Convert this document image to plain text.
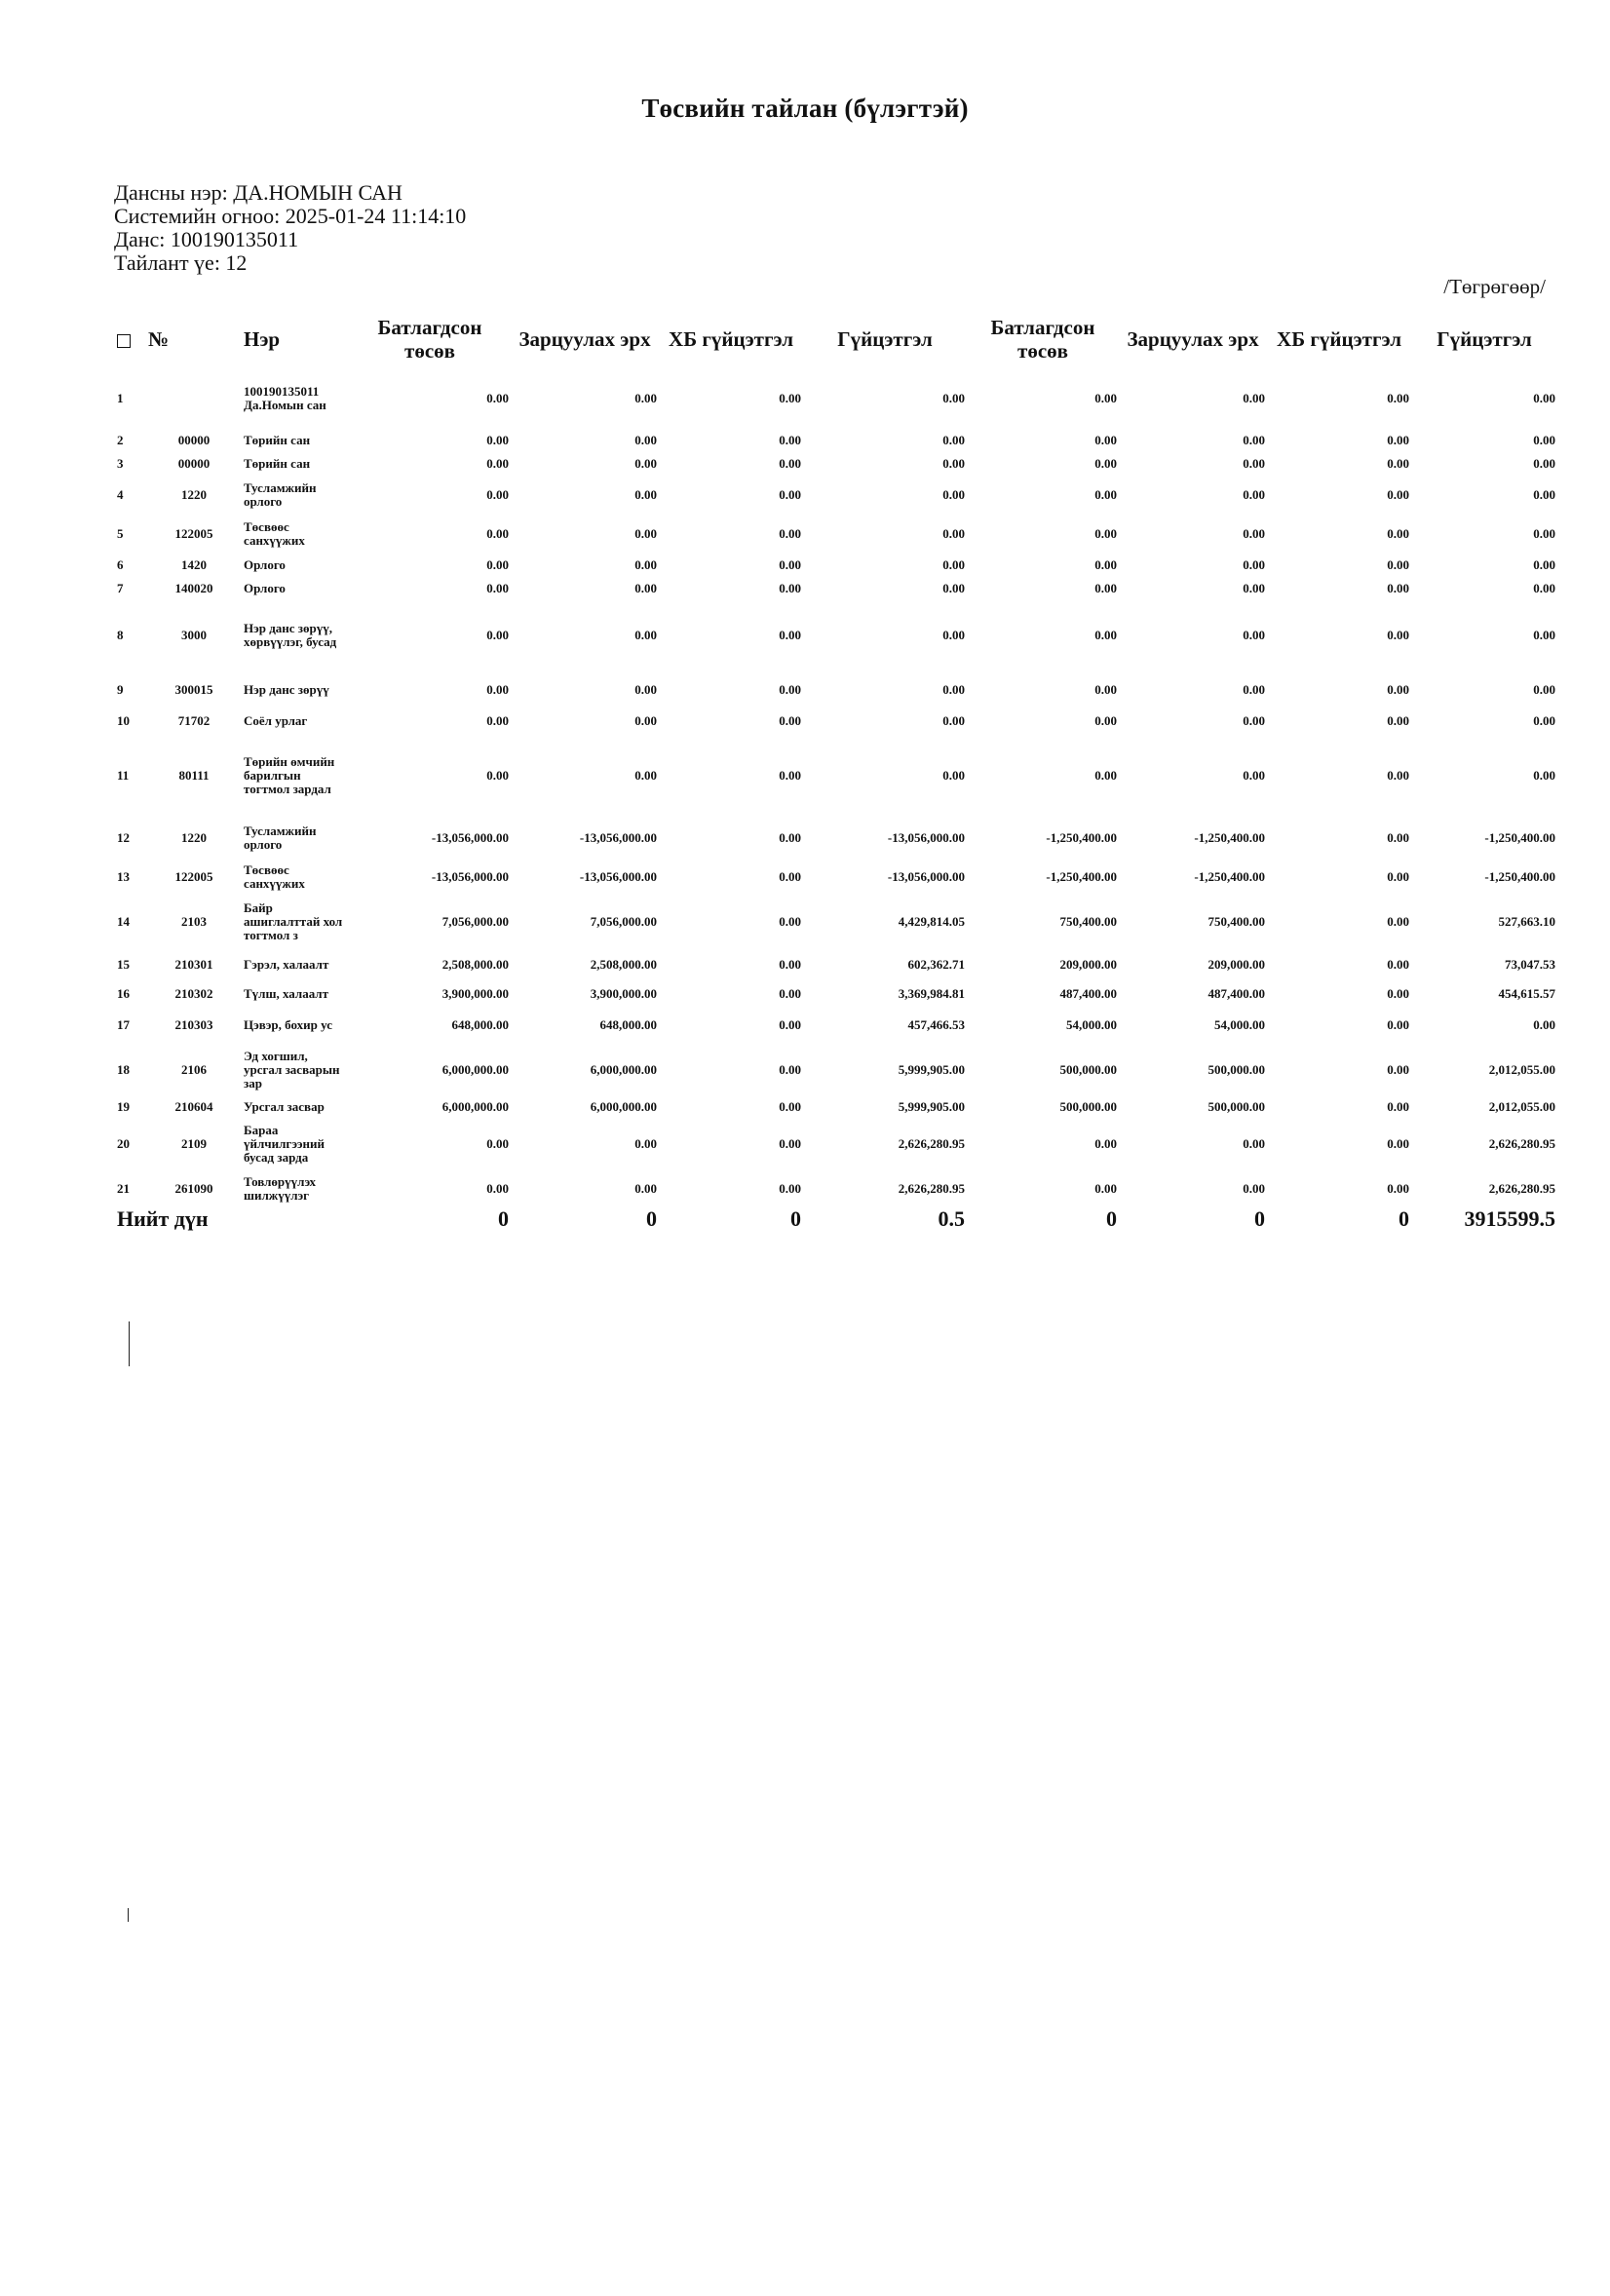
Төсвийн тайлан (бүлэгтэй)
Дансны нэр: ДА.НОМЫН САН
Системийн огноо: 2025-01-24 11:14:10
Данс: 100190135011
Тайлант үе: 12
/Төгрөгөөр/
	№	Нэр	Батлагдсон төсөв	Зарцуулах эрх	ХБ гүйцэтгэл	Гүйцэтгэл	Батлагдсон төсөв	Зарцуулах эрх	ХБ гүйцэтгэл	Гүйцэтгэл
1		100190135011 Да.Номын сан	0.00	0.00	0.00	0.00	0.00	0.00	0.00	0.00
2	00000	Төрийн сан	0.00	0.00	0.00	0.00	0.00	0.00	0.00	0.00
3	00000	Төрийн сан	0.00	0.00	0.00	0.00	0.00	0.00	0.00	0.00
4	1220	Тусламжийн орлого	0.00	0.00	0.00	0.00	0.00	0.00	0.00	0.00
5	122005	Төсвөөс санхүүжих	0.00	0.00	0.00	0.00	0.00	0.00	0.00	0.00
6	1420	Орлого	0.00	0.00	0.00	0.00	0.00	0.00	0.00	0.00
7	140020	Орлого	0.00	0.00	0.00	0.00	0.00	0.00	0.00	0.00
8	3000	Нэр данс зөрүү, хөрвүүлэг, бусад	0.00	0.00	0.00	0.00	0.00	0.00	0.00	0.00
9	300015	Нэр данс зөрүү	0.00	0.00	0.00	0.00	0.00	0.00	0.00	0.00
10	71702	Соёл урлаг	0.00	0.00	0.00	0.00	0.00	0.00	0.00	0.00
11	80111	Төрийн өмчийн барилгын тогтмол зардал	0.00	0.00	0.00	0.00	0.00	0.00	0.00	0.00
12	1220	Тусламжийн орлого	-13,056,000.00	-13,056,000.00	0.00	-13,056,000.00	-1,250,400.00	-1,250,400.00	0.00	-1,250,400.00
13	122005	Төсвөөс санхүүжих	-13,056,000.00	-13,056,000.00	0.00	-13,056,000.00	-1,250,400.00	-1,250,400.00	0.00	-1,250,400.00
14	2103	Байр ашиглалттай хол тогтмол з	7,056,000.00	7,056,000.00	0.00	4,429,814.05	750,400.00	750,400.00	0.00	527,663.10
15	210301	Гэрэл, халаалт	2,508,000.00	2,508,000.00	0.00	602,362.71	209,000.00	209,000.00	0.00	73,047.53
16	210302	Түлш, халаалт	3,900,000.00	3,900,000.00	0.00	3,369,984.81	487,400.00	487,400.00	0.00	454,615.57
17	210303	Цэвэр, бохир ус	648,000.00	648,000.00	0.00	457,466.53	54,000.00	54,000.00	0.00	0.00
18	2106	Эд хогшил, урсгал засварын зар	6,000,000.00	6,000,000.00	0.00	5,999,905.00	500,000.00	500,000.00	0.00	2,012,055.00
19	210604	Урсгал засвар	6,000,000.00	6,000,000.00	0.00	5,999,905.00	500,000.00	500,000.00	0.00	2,012,055.00
20	2109	Бараа үйлчилгээний бусад зарда	0.00	0.00	0.00	2,626,280.95	0.00	0.00	0.00	2,626,280.95
21	261090	Товлөрүүлэх шилжүүлэг	0.00	0.00	0.00	2,626,280.95	0.00	0.00	0.00	2,626,280.95
Нийт дүн			0	0	0	0.5	0	0	0	3915599.5
